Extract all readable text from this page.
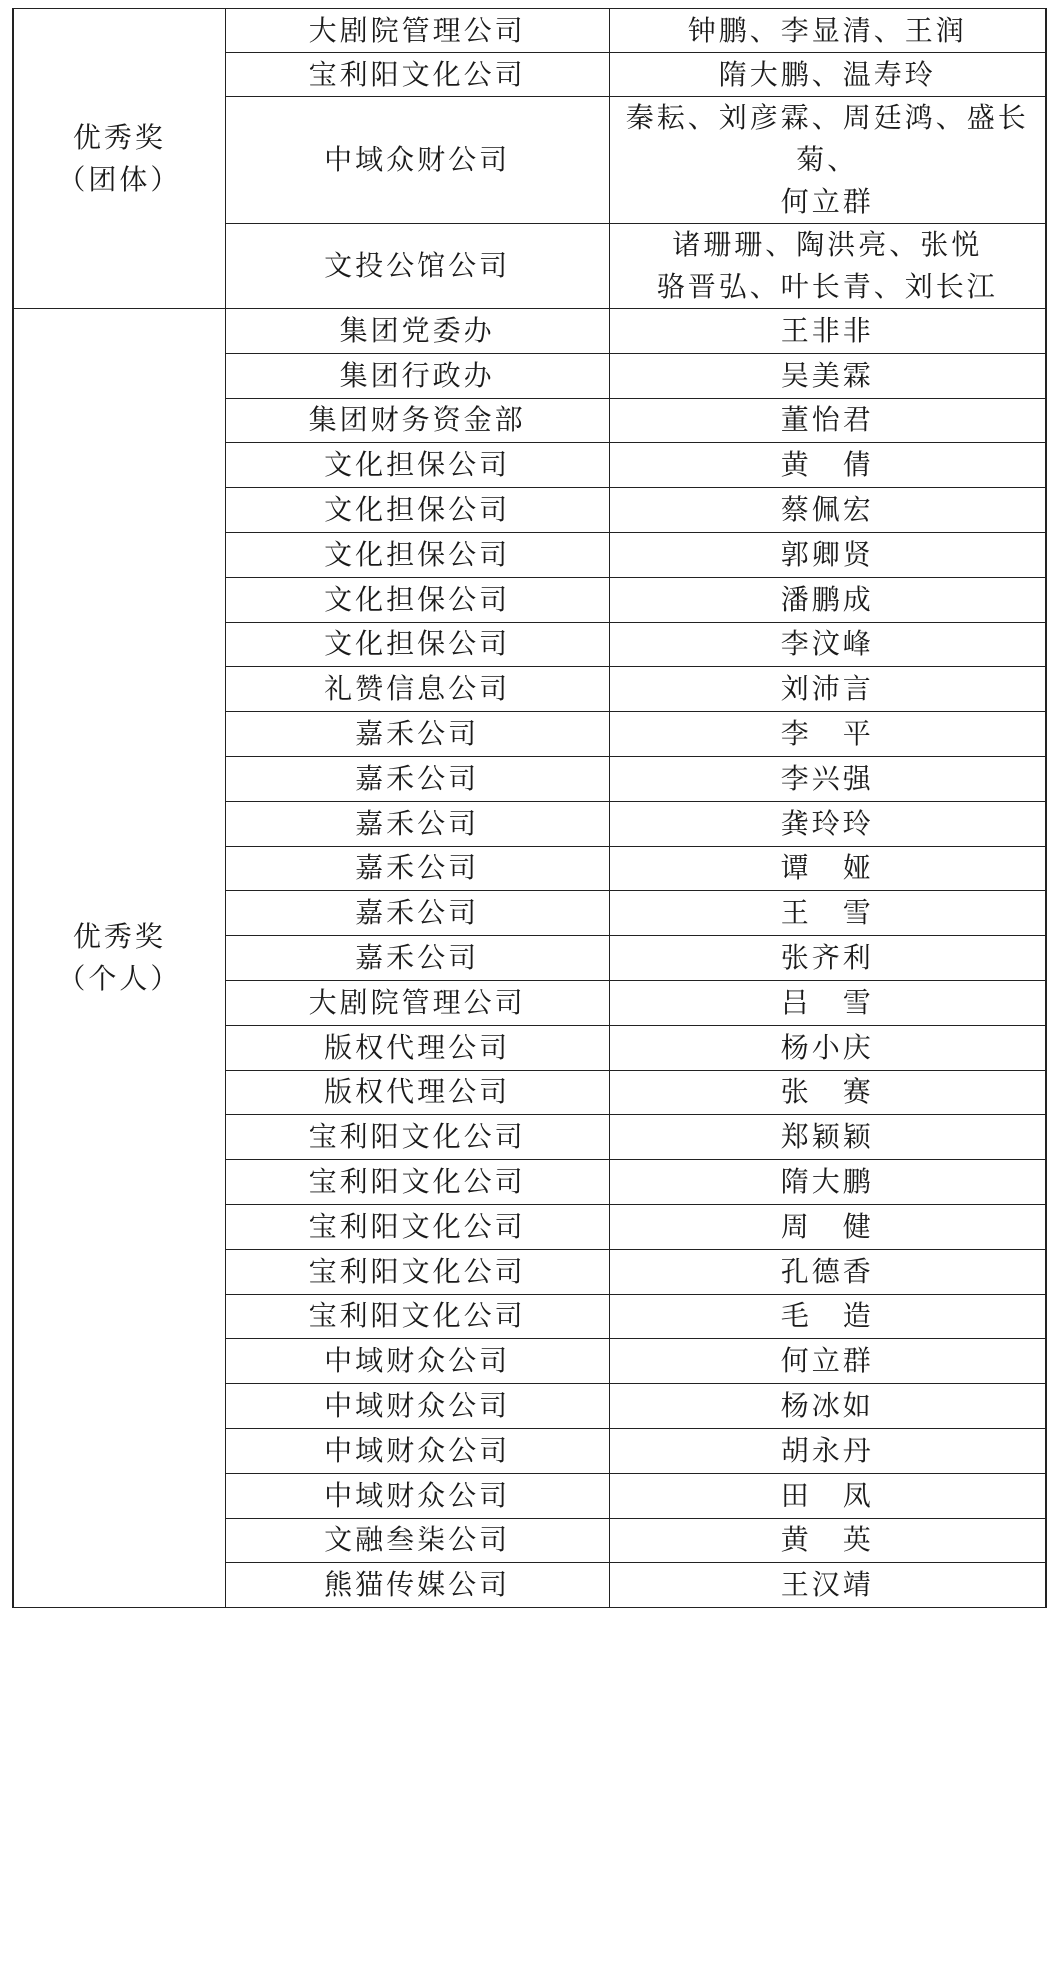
优秀奖
（团体）	大剧院管理公司	钟鹏、李显清、王润

	宝利阳文化公司	隋大鹏、温寿玲

	中域众财公司	秦耘、刘彦霖、周廷鸿、盛长菊、
何立群

	文投公馆公司	诸珊珊、陶洪亮、张悦
骆晋弘、叶长青、刘长江

优秀奖
（个人）	集团党委办	王非非

	集团行政办	吴美霖

	集团财务资金部	董怡君

	文化担保公司	黄　倩

	文化担保公司	蔡佩宏

	文化担保公司	郭卿贤

	文化担保公司	潘鹏成

	文化担保公司	李汶峰

	礼赞信息公司	刘沛言

	嘉禾公司	李　平

	嘉禾公司	李兴强

	嘉禾公司	龚玲玲

	嘉禾公司	谭　娅

	嘉禾公司	王　雪

	嘉禾公司	张齐利

	大剧院管理公司	吕　雪

	版权代理公司	杨小庆

	版权代理公司	张　赛

	宝利阳文化公司	郑颖颖

	宝利阳文化公司	隋大鹏

	宝利阳文化公司	周　健

	宝利阳文化公司	孔德香

	宝利阳文化公司	毛　造

	中域财众公司	何立群

	中域财众公司	杨冰如

	中域财众公司	胡永丹

	中域财众公司	田　凤

	文融叁柒公司	黄　英

	熊猫传媒公司	王汉靖
